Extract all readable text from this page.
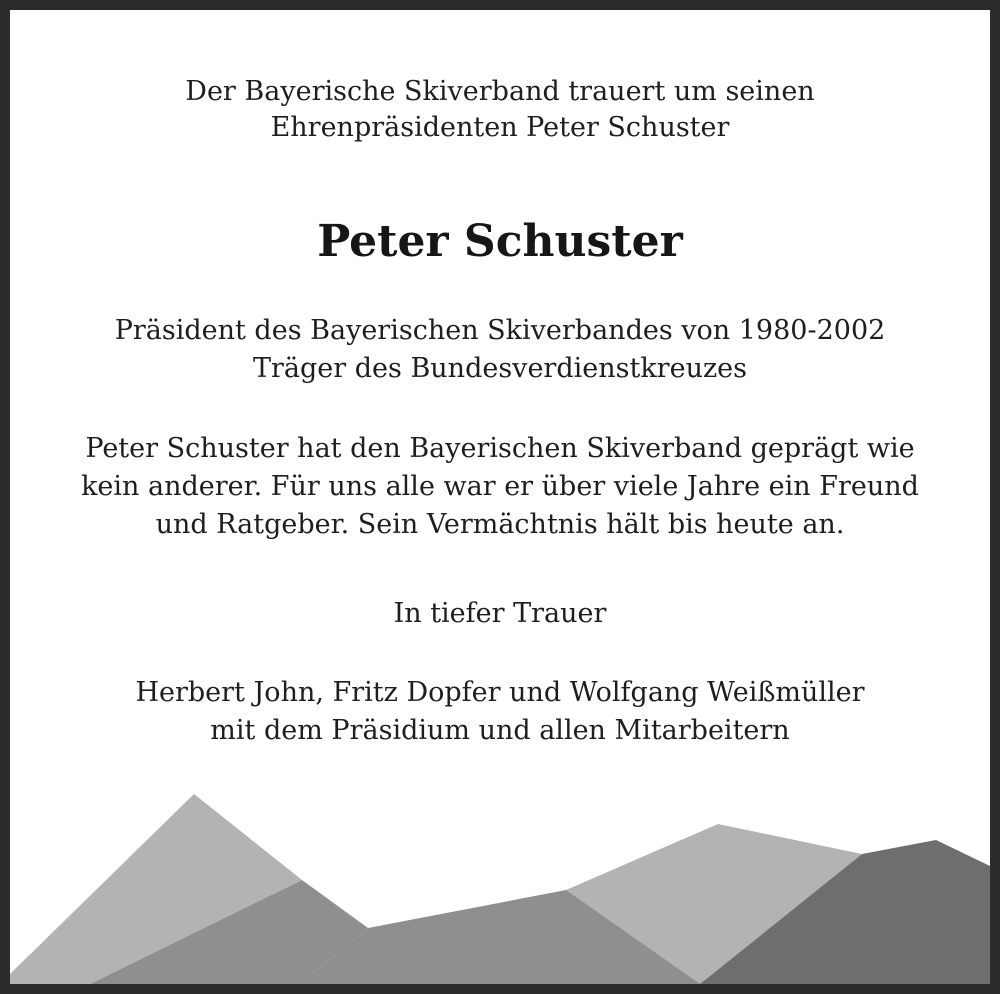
Der Bayerische Skiverband trauert um seinen
Ehrenpräsidenten Peter Schuster
Peter Schuster
Präsident des Bayerischen Skiverbandes von 1980-2002
Träger des Bundesverdienstkreuzes
Peter Schuster hat den Bayerischen Skiverband geprägt wie
kein anderer. Für uns alle war er über viele Jahre ein Freund
und Ratgeber. Sein Vermächtnis hält bis heute an.
In tiefer Trauer
Herbert John, Fritz Dopfer und Wolfgang Weißmüller
mit dem Präsidium und allen Mitarbeitern
